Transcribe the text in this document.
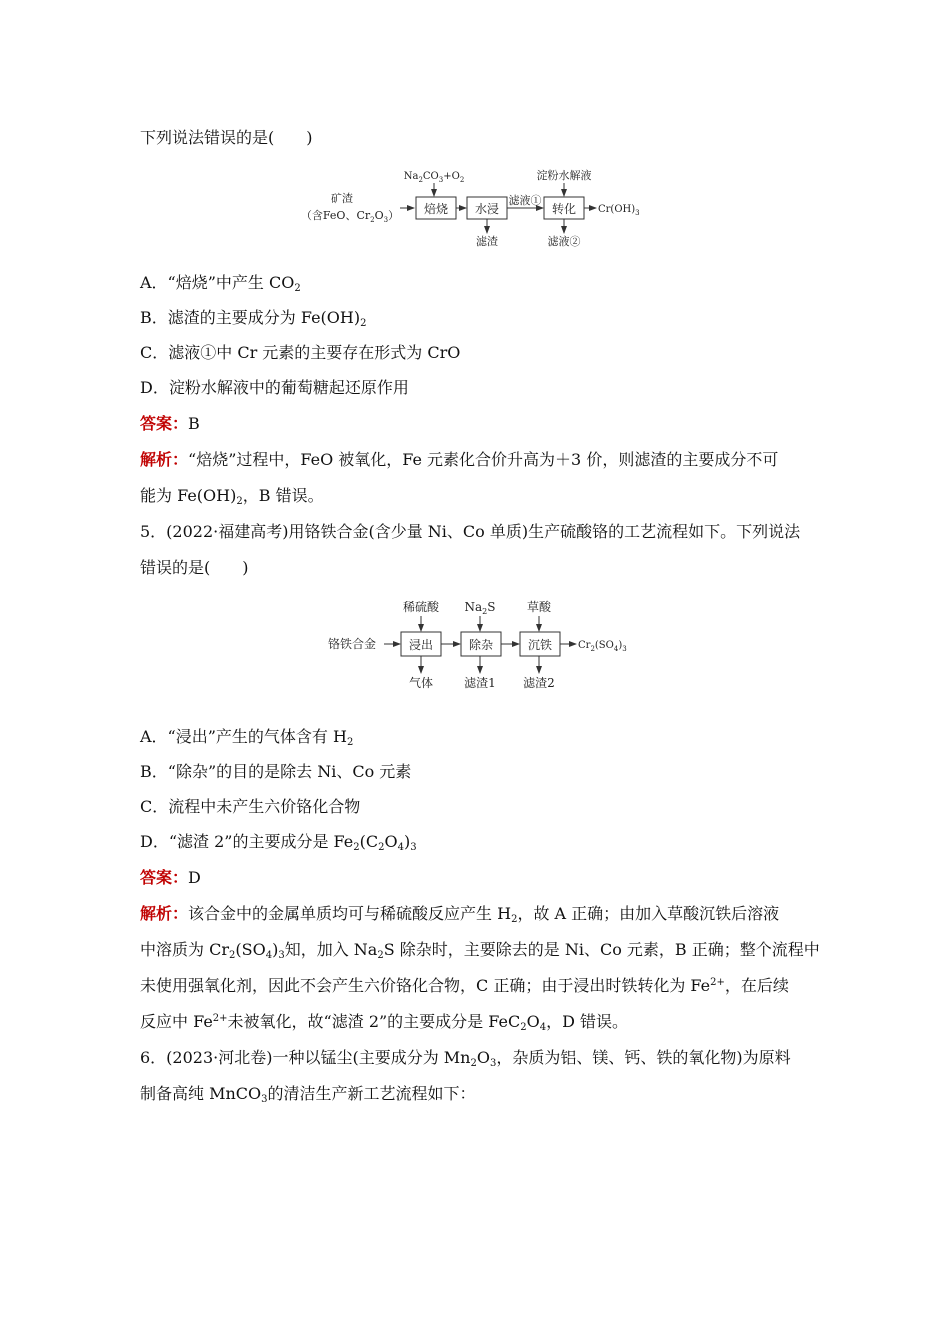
下列说法错误的是(　　)
矿渣
（含FeO、$Cr_2O_3$）
$Na_2CO_3+O_2$
焙烧 水浸
滤渣
滤液①
淀粉水解液
转化
滤液②
$Cr(OH)_3$
A．“焙烧”中产生 $CO_2$
B．滤渣的主要成分为 $Fe(OH)_2$
C．滤液①中 Cr 元素的主要存在形式为 CrO
D．淀粉水解液中的葡萄糖起还原作用
答案：B
解析：“焙烧”过程中，FeO 被氧化，Fe 元素化合价升高为＋3 价，则滤渣的主要成分不可
能为 $Fe(OH)_2$，B 错误。
5．(2022·福建高考)用铬铁合金(含少量 Ni、Co 单质)生产硫酸铬的工艺流程如下。下列说法
错误的是(　　)
铬铁合金
稀硫酸
浸出
气体
$Na_2S$
除杂
滤渣1
草酸
沉铁
滤渣2
$Cr_2(SO_4)_3$
A．“浸出”产生的气体含有 $H_2$
B．“除杂”的目的是除去 Ni、Co 元素
C．流程中未产生六价铬化合物
D．“滤渣 2”的主要成分是 $Fe_2(C_2O_4)_3$
答案：D
解析：该合金中的金属单质均可与稀硫酸反应产生 $H_2$，故 A 正确；由加入草酸沉铁后溶液
中溶质为 $Cr_2(SO_4)_3$知，加入 $Na_2S$ 除杂时，主要除去的是 Ni、Co 元素，B 正确；整个流程中
未使用强氧化剂，因此不会产生六价铬化合物，C 正确；由于浸出时铁转化为 $Fe^{2+}$，在后续
反应中 $Fe^{2+}$未被氧化，故“滤渣 2”的主要成分是 $FeC_2O_4$，D 错误。
6．(2023·河北卷)一种以锰尘(主要成分为 $Mn_2O_3$，杂质为铝、镁、钙、铁的氧化物)为原料
制备高纯 MnCO$_3$的清洁生产新工艺流程如下：
